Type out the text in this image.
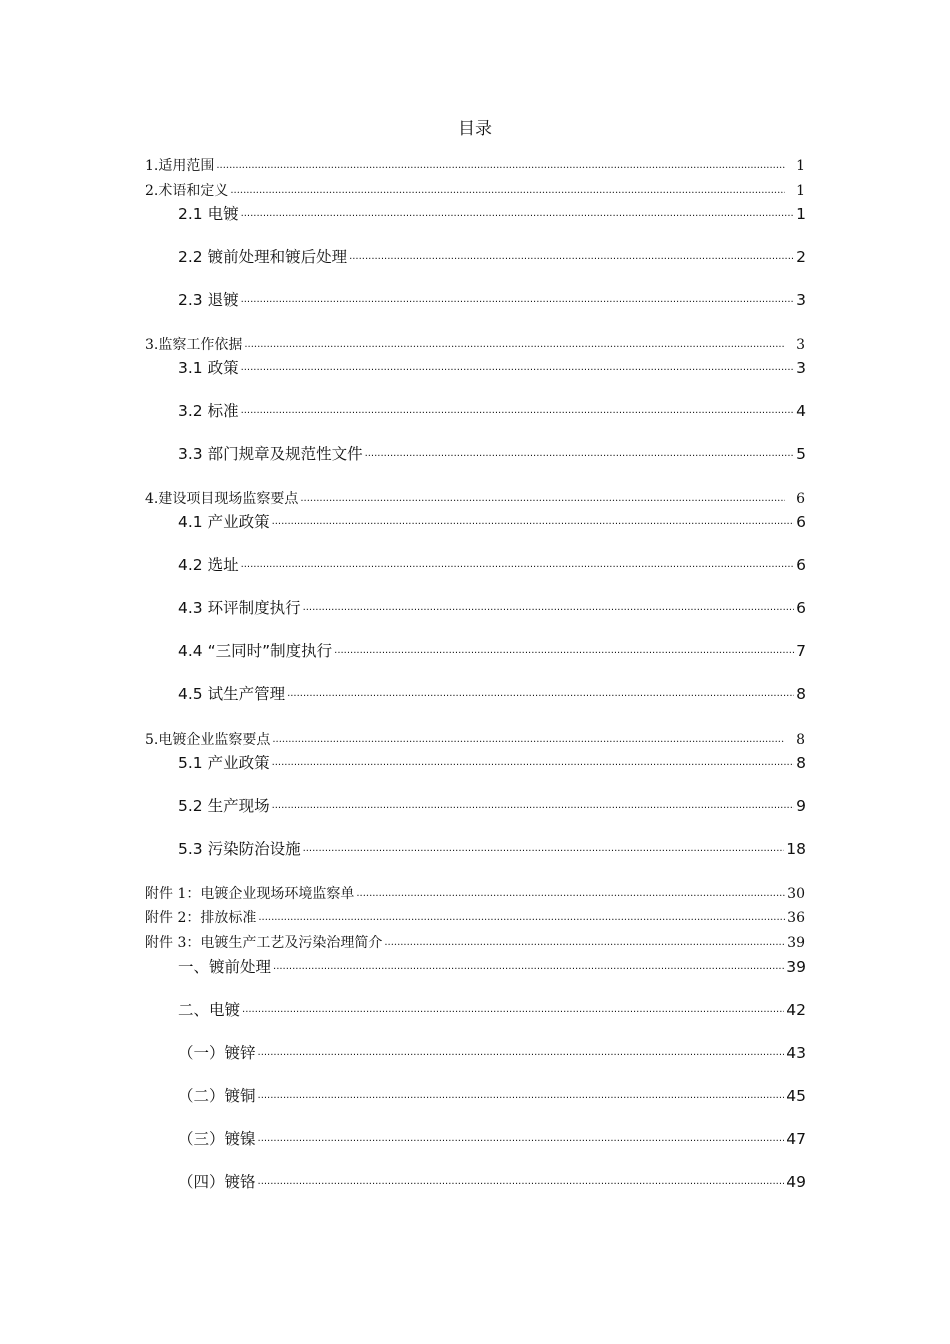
目录
1.适用范围 .....	1
2.术语和定义 .....	1
2.1 电镀 .....	1
2.2 镀前处理和镀后处理 .....	2
2.3 退镀 .....	3
3.监察工作依据 .....	3
3.1 政策 .....	3
3.2 标准 .....	4
3.3 部门规章及规范性文件 .....	5
4.建设项目现场监察要点 .....	6
4.1 产业政策 .....	6
4.2 选址 .....	6
4.3 环评制度执行 .....	6
4.4 “三同时”制度执行 .....	7
4.5 试生产管理 .....	8
5.电镀企业监察要点 .....	8
5.1 产业政策 .....	8
5.2 生产现场 .....	9
5.3 污染防治设施 .....	18
附件 1：电镀企业现场环境监察单 .....	30
附件 2：排放标准 .....	36
附件 3：电镀生产工艺及污染治理简介 .....	39
一、镀前处理 .....	39
二、电镀 .....	42
（一）镀锌 .....	43
（二）镀铜 .....	45
（三）镀镍 .....	47
（四）镀铬 .....	49
